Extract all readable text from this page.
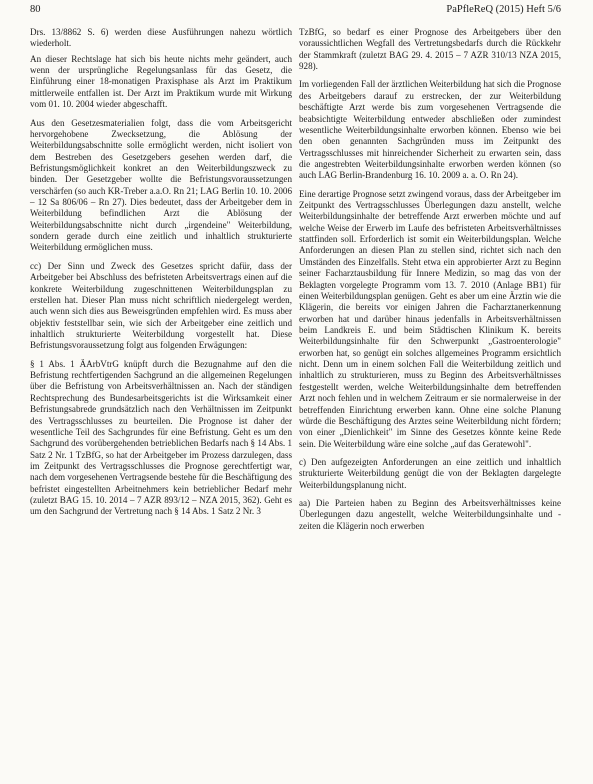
80	PaPfleReQ (2015) Heft 5/6

Drs. 13/8862 S. 6) werden diese Ausführungen nahezu wörtlich wiederholt.

An dieser Rechtslage hat sich bis heute nichts mehr geändert, auch wenn der ursprüngliche Regelungsanlass für das Gesetz, die Einführung einer 18-monatigen Praxisphase als Arzt im Praktikum mittlerweile entfallen ist. Der Arzt im Praktikum wurde mit Wirkung vom 01. 10. 2004 wieder abgeschafft.

Aus den Gesetzesmaterialien folgt, dass die vom Arbeitsgericht hervorgehobene Zwecksetzung, die Ablösung der Weiterbildungsabschnitte solle ermöglicht werden, nicht isoliert von dem Bestreben des Gesetzgebers gesehen werden darf, die Befristungsmöglichkeit konkret an den Weiterbildungszweck zu binden. Der Gesetzgeber wollte die Befristungsvoraussetzungen verschärfen (so auch KR-Treber a.a.O. Rn 21; LAG Berlin 10. 10. 2006 – 12 Sa 806/06 – Rn 27). Dies bedeutet, dass der Arbeitgeber dem in Weiterbildung befindlichen Arzt die Ablösung der Weiterbildungsabschnitte nicht durch „irgendeine" Weiterbildung, sondern gerade durch eine zeitlich und inhaltlich strukturierte Weiterbildung ermöglichen muss.

cc) Der Sinn und Zweck des Gesetzes spricht dafür, dass der Arbeitgeber bei Abschluss des befristeten Arbeitsvertrags einen auf die konkrete Weiterbildung zugeschnittenen Weiterbildungsplan zu erstellen hat. Dieser Plan muss nicht schriftlich niedergelegt werden, auch wenn sich dies aus Beweisgründen empfehlen wird. Es muss aber objektiv feststellbar sein, wie sich der Arbeitgeber eine zeitlich und inhaltlich strukturierte Weiterbildung vorgestellt hat. Diese Befristungsvoraussetzung folgt aus folgenden Erwägungen:

§ 1 Abs. 1 ÄArbVtrG knüpft durch die Bezugnahme auf den die Befristung rechtfertigenden Sachgrund an die allgemeinen Regelungen über die Befristung von Arbeitsverhältnissen an. Nach der ständigen Rechtsprechung des Bundesarbeitsgerichts ist die Wirksamkeit einer Befristungsabrede grundsätzlich nach den Verhältnissen im Zeitpunkt des Vertragsschlusses zu beurteilen. Die Prognose ist daher der wesentliche Teil des Sachgrundes für eine Befristung. Geht es um den Sachgrund des vorübergehenden betrieblichen Bedarfs nach § 14 Abs. 1 Satz 2 Nr. 1 TzBfG, so hat der Arbeitgeber im Prozess darzulegen, dass im Zeitpunkt des Vertragsschlusses die Prognose gerechtfertigt war, nach dem vorgesehenen Vertragsende bestehe für die Beschäftigung des befristet eingestellten Arbeitnehmers kein betrieblicher Bedarf mehr (zuletzt BAG 15. 10. 2014 – 7 AZR 893/12 – NZA 2015, 362). Geht es um den Sachgrund der Vertretung nach § 14 Abs. 1 Satz 2 Nr. 3

TzBfG, so bedarf es einer Prognose des Arbeitgebers über den voraussichtlichen Wegfall des Vertretungsbedarfs durch die Rückkehr der Stammkraft (zuletzt BAG 29. 4. 2015 – 7 AZR 310/13 NZA 2015, 928).

Im vorliegenden Fall der ärztlichen Weiterbildung hat sich die Prognose des Arbeitgebers darauf zu erstrecken, der zur Weiterbildung beschäftigte Arzt werde bis zum vorgesehenen Vertragsende die beabsichtigte Weiterbildung entweder abschließen oder zumindest wesentliche Weiterbildungsinhalte erworben können. Ebenso wie bei den oben genannten Sachgründen muss im Zeitpunkt des Vertragsschlusses mit hinreichender Sicherheit zu erwarten sein, dass die angestrebten Weiterbildungsinhalte erworben werden können (so auch LAG Berlin-Brandenburg 16. 10. 2009 a. a. O. Rn 24).

Eine derartige Prognose setzt zwingend voraus, dass der Arbeitgeber im Zeitpunkt des Vertragsschlusses Überlegungen dazu anstellt, welche Weiterbildungsinhalte der betreffende Arzt erwerben möchte und auf welche Weise der Erwerb im Laufe des befristeten Arbeitsverhältnisses stattfinden soll. Erforderlich ist somit ein Weiterbildungsplan. Welche Anforderungen an diesen Plan zu stellen sind, richtet sich nach den Umständen des Einzelfalls. Steht etwa ein approbierter Arzt zu Beginn seiner Facharztausbildung für Innere Medizin, so mag das von der Beklagten vorgelegte Programm vom 13. 7. 2010 (Anlage BB1) für einen Weiterbildungsplan genügen. Geht es aber um eine Ärztin wie die Klägerin, die bereits vor einigen Jahren die Facharztanerkennung erworben hat und darüber hinaus jedenfalls in Arbeitsverhältnissen beim Landkreis E. und beim Städtischen Klinikum K. bereits Weiterbildungsinhalte für den Schwerpunkt „Gastroenterologie" erworben hat, so genügt ein solches allgemeines Programm ersichtlich nicht. Denn um in einem solchen Fall die Weiterbildung zeitlich und inhaltlich zu strukturieren, muss zu Beginn des Arbeitsverhältnisses festgestellt werden, welche Weiterbildungsinhalte dem betreffenden Arzt noch fehlen und in welchem Zeitraum er sie normalerweise in der betreffenden Einrichtung erwerben kann. Ohne eine solche Planung würde die Beschäftigung des Arztes seine Weiterbildung nicht fördern; von einer „Dienlichkeit" im Sinne des Gesetzes könnte keine Rede sein. Die Weiterbildung wäre eine solche „auf das Geratewohl".

c) Den aufgezeigten Anforderungen an eine zeitlich und inhaltlich strukturierte Weiterbildung genügt die von der Beklagten dargelegte Weiterbildungsplanung nicht.

aa) Die Parteien haben zu Beginn des Arbeitsverhältnisses keine Überlegungen dazu angestellt, welche Weiterbildungsinhalte und -zeiten die Klägerin noch erwerben
